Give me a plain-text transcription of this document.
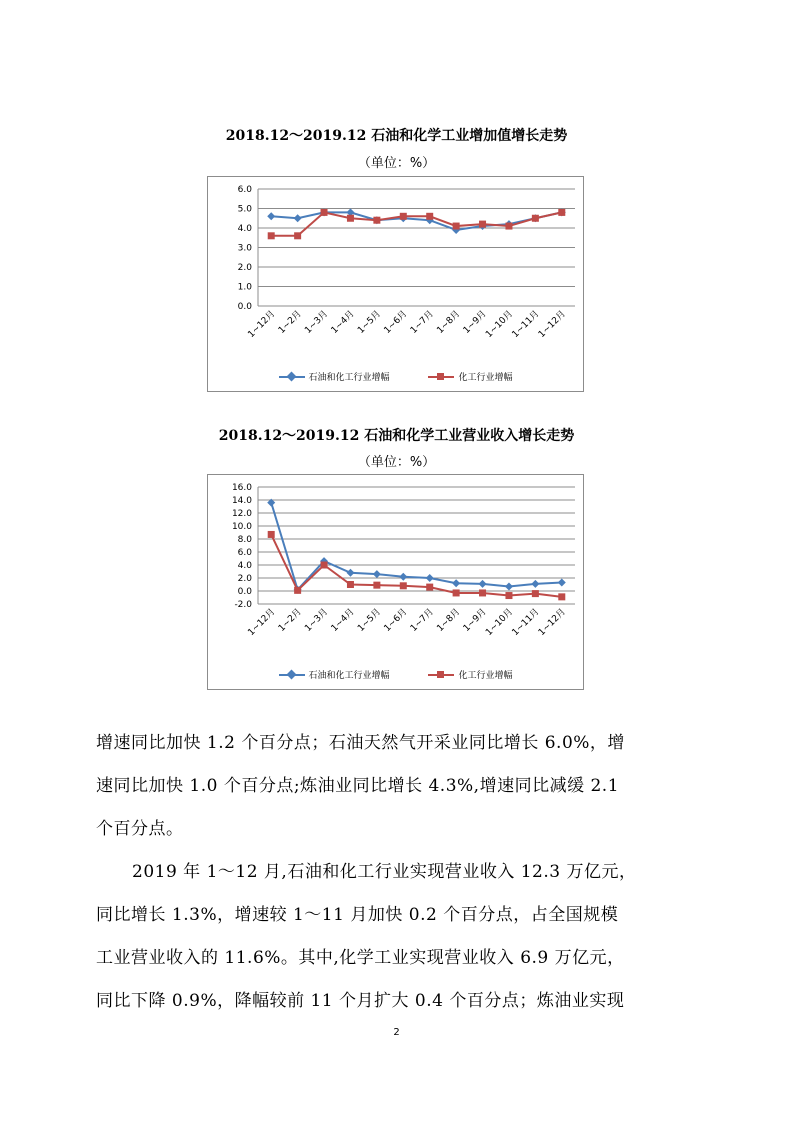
2018.12～2019.12 石油和化学工业增加值增长走势
（单位：%）
6.0
5.0
4.0
3.0
2.0
1.0
0.0
1~12月 1~2月 1~3月 1~4月 1~5月 1~6月 1~7月 1~8月 1~9月
1~10月
1~11月
1~12月
石油和化工行业增幅
	化工行业增幅
2018.12～2019.12 石油和化学工业营业收入增长走势
（单位：%）
16.0
14.0
12.0
10.0
8.0
6.0
4.0
2.0
0.0
-2.0
1~12月 1~2月 1~3月 1~4月 1~5月 1~6月 1~7月 1~8月 1~9月
1~10月
1~11月
1~12月
石油和化工行业增幅
	化工行业增幅
增速同比加快 1.2 个百分点；石油天然气开采业同比增长 6.0%，增
速同比加快 1.0 个百分点;炼油业同比增长 4.3%,增速同比减缓 2.1
个百分点。
2019 年 1～12 月,石油和化工行业实现营业收入 12.3 万亿元，
同比增长 1.3%，增速较 1～11 月加快 0.2 个百分点，占全国规模
工业营业收入的 11.6%。其中,化学工业实现营业收入 6.9 万亿元，
同比下降 0.9%，降幅较前 11 个月扩大 0.4 个百分点；炼油业实现
2
